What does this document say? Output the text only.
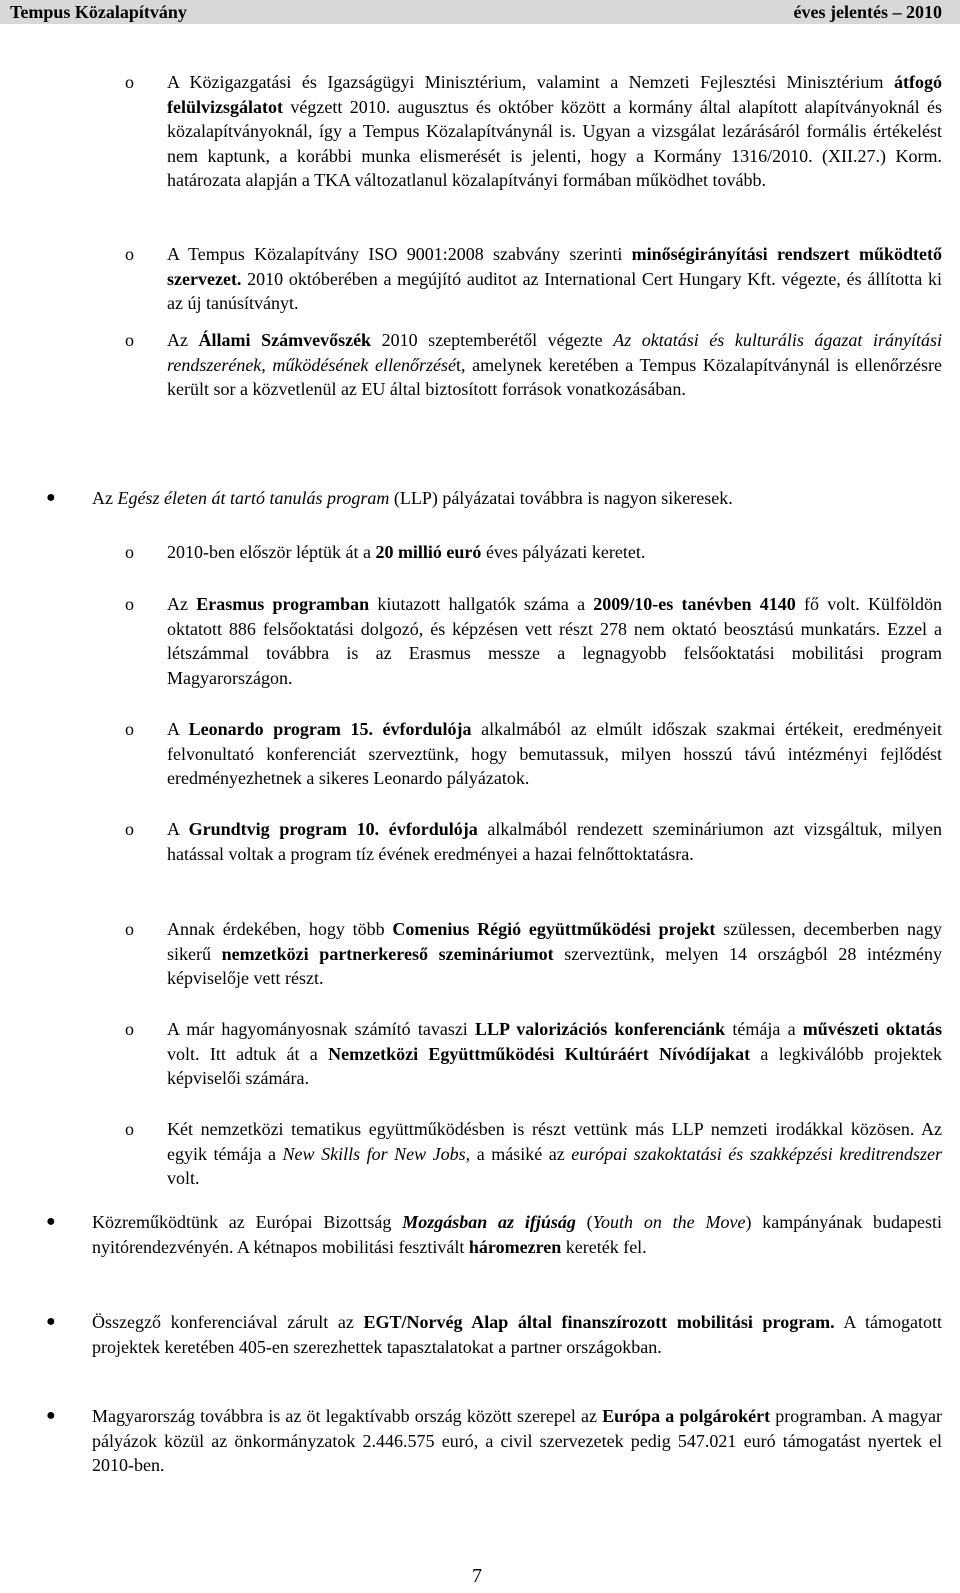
Tempus Közalapítvány	éves jelentés – 2010
o A Közigazgatási és Igazságügyi Minisztérium, valamint a Nemzeti Fejlesztési Minisztérium átfogó felülvizsgálatot végzett 2010. augusztus és október között a kormány által alapított alapítványoknál és közalapítványoknál, így a Tempus Közalapítványnál is. Ugyan a vizsgálat lezárásáról formális értékelést nem kaptunk, a korábbi munka elismerését is jelenti, hogy a Kormány 1316/2010. (XII.27.) Korm. határozata alapján a TKA változatlanul közalapítványi formában működhet tovább.
o A Tempus Közalapítvány ISO 9001:2008 szabvány szerinti minőségirányítási rendszert működtető szervezet. 2010 októberében a megújító auditot az International Cert Hungary Kft. végezte, és állította ki az új tanúsítványt.
o Az Állami Számvevőszék 2010 szeptemberétől végezte Az oktatási és kulturális ágazat irányítási rendszerének, működésének ellenőrzését, amelynek keretében a Tempus Közalapítványnál is ellenőrzésre került sor a közvetlenül az EU által biztosított források vonatkozásában.
● Az Egész életen át tartó tanulás program (LLP) pályázatai továbbra is nagyon sikeresek.
o 2010-ben először léptük át a 20 millió euró éves pályázati keretet.
o Az Erasmus programban kiutazott hallgatók száma a 2009/10-es tanévben 4140 fő volt. Külföldön oktatott 886 felsőoktatási dolgozó, és képzésen vett részt 278 nem oktató beosztású munkatárs. Ezzel a létszámmal továbbra is az Erasmus messze a legnagyobb felsőoktatási mobilitási program Magyarországon.
o A Leonardo program 15. évfordulója alkalmából az elmúlt időszak szakmai értékeit, eredményeit felvonultató konferenciát szerveztünk, hogy bemutassuk, milyen hosszú távú intézményi fejlődést eredményezhetnek a sikeres Leonardo pályázatok.
o A Grundtvig program 10. évfordulója alkalmából rendezett szemináriumon azt vizsgáltuk, milyen hatással voltak a program tíz évének eredményei a hazai felnőttoktatásra.
o Annak érdekében, hogy több Comenius Régió együttműködési projekt szülessen, decemberben nagy sikerű nemzetközi partnerkereső szemináriumot szerveztünk, melyen 14 országból 28 intézmény képviselője vett részt.
o A már hagyományosnak számító tavaszi LLP valorizációs konferenciánk témája a művészeti oktatás volt. Itt adtuk át a Nemzetközi Együttműködési Kultúráért Nívódíjakat a legkiválóbb projektek képviselői számára.
o Két nemzetközi tematikus együttműködésben is részt vettünk más LLP nemzeti irodákkal közösen. Az egyik témája a New Skills for New Jobs, a másiké az európai szakoktatási és szakképzési kreditrendszer volt.
● Közreműködtünk az Európai Bizottság Mozgásban az ifjúság (Youth on the Move) kampányának budapesti nyitórendezvényén. A kétnapos mobilitási fesztivált háromezren kereték fel.
● Összegző konferenciával zárult az EGT/Norvég Alap által finanszírozott mobilitási program. A támogatott projektek keretében 405-en szerezhettek tapasztalatokat a partner országokban.
● Magyarország továbbra is az öt legaktívabb ország között szerepel az Európa a polgárokért programban. A magyar pályázok közül az önkormányzatok 2.446.575 euró, a civil szervezetek pedig 547.021 euró támogatást nyertek el 2010-ben.
7
